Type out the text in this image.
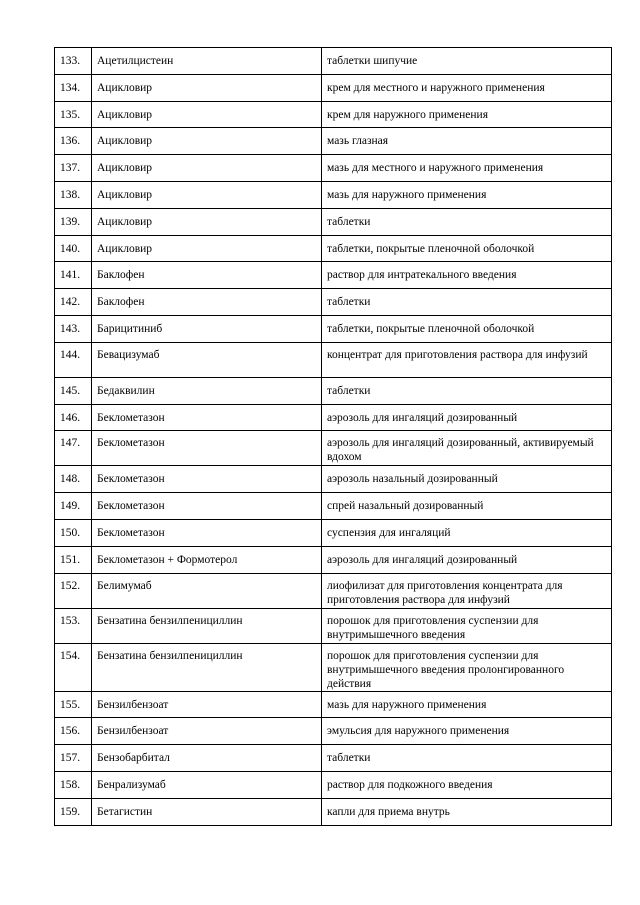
133.	Ацетилцистеин	таблетки шипучие
134.	Ацикловир	крем для местного и наружного применения
135.	Ацикловир	крем для наружного применения
136.	Ацикловир	мазь глазная
137.	Ацикловир	мазь для местного и наружного применения
138.	Ацикловир	мазь для наружного применения
139.	Ацикловир	таблетки
140.	Ацикловир	таблетки, покрытые пленочной оболочкой
141.	Баклофен	раствор для интратекального введения
142.	Баклофен	таблетки
143.	Барицитиниб	таблетки, покрытые пленочной оболочкой
144.	Бевацизумаб	концентрат для приготовления раствора для инфузий
145.	Бедаквилин	таблетки
146.	Беклометазон	аэрозоль для ингаляций дозированный
147.	Беклометазон	аэрозоль для ингаляций дозированный, активируемый вдохом
148.	Беклометазон	аэрозоль назальный дозированный
149.	Беклометазон	спрей назальный дозированный
150.	Беклометазон	суспензия для ингаляций
151.	Беклометазон + Формотерол	аэрозоль для ингаляций дозированный
152.	Белимумаб	лиофилизат для приготовления концентрата для приготовления раствора для инфузий
153.	Бензатина бензилпенициллин	порошок для приготовления суспензии для внутримышечного введения
154.	Бензатина бензилпенициллин	порошок для приготовления суспензии для внутримышечного введения пролонгированного действия
155.	Бензилбензоат	мазь для наружного применения
156.	Бензилбензоат	эмульсия для наружного применения
157.	Бензобарбитал	таблетки
158.	Бенрализумаб	раствор для подкожного введения
159.	Бетагистин	капли для приема внутрь
